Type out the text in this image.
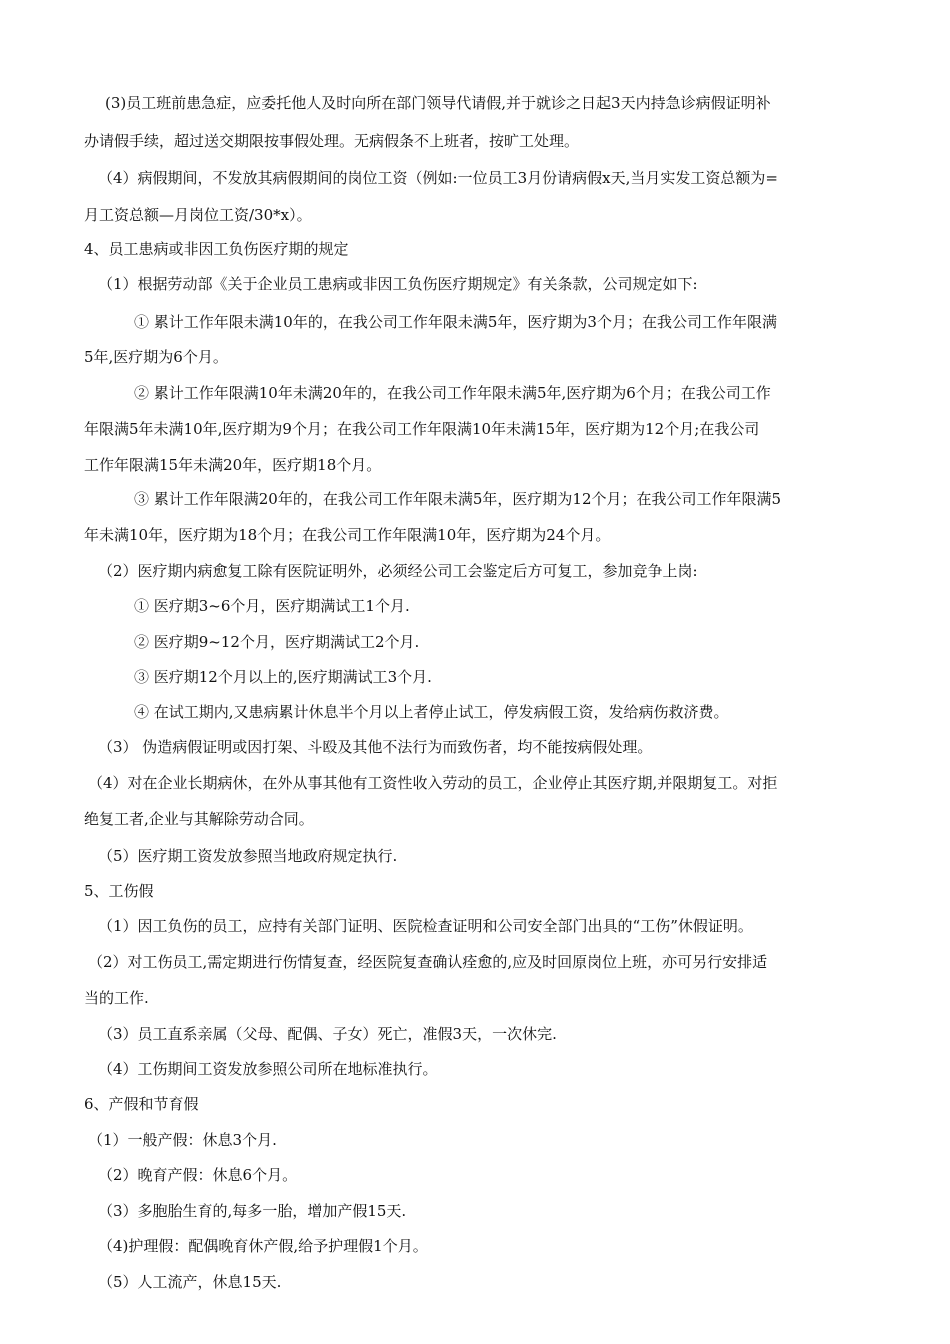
(3)员工班前患急症，应委托他人及时向所在部门领导代请假,并于就诊之日起3天内持急诊病假证明补
办请假手续，超过送交期限按事假处理。无病假条不上班者，按旷工处理。
（4）病假期间，不发放其病假期间的岗位工资（例如:一位员工3月份请病假x天,当月实发工资总额为=
月工资总额—月岗位工资/30*x）。
4、员工患病或非因工负伤医疗期的规定
（1）根据劳动部《关于企业员工患病或非因工负伤医疗期规定》有关条款，公司规定如下:
① 累计工作年限未满10年的，在我公司工作年限未满5年，医疗期为3个月；在我公司工作年限满
5年,医疗期为6个月。
② 累计工作年限满10年未满20年的，在我公司工作年限未满5年,医疗期为6个月；在我公司工作
年限满5年未满10年,医疗期为9个月；在我公司工作年限满10年未满15年，医疗期为12个月;在我公司
工作年限满15年未满20年，医疗期18个月。
③ 累计工作年限满20年的，在我公司工作年限未满5年，医疗期为12个月；在我公司工作年限满5
年未满10年，医疗期为18个月；在我公司工作年限满10年，医疗期为24个月。
（2）医疗期内病愈复工除有医院证明外，必须经公司工会鉴定后方可复工，参加竞争上岗:
① 医疗期3~6个月，医疗期满试工1个月.
② 医疗期9~12个月，医疗期满试工2个月.
③ 医疗期12个月以上的,医疗期满试工3个月.
④ 在试工期内,又患病累计休息半个月以上者停止试工，停发病假工资，发给病伤救济费。
（3） 伪造病假证明或因打架、斗殴及其他不法行为而致伤者，均不能按病假处理。
（4）对在企业长期病休，在外从事其他有工资性收入劳动的员工，企业停止其医疗期,并限期复工。对拒
绝复工者,企业与其解除劳动合同。
（5）医疗期工资发放参照当地政府规定执行.
5、工伤假
（1）因工负伤的员工，应持有关部门证明、医院检查证明和公司安全部门出具的“工伤”休假证明。
（2）对工伤员工,需定期进行伤情复查，经医院复查确认痊愈的,应及时回原岗位上班，亦可另行安排适
当的工作.
（3）员工直系亲属（父母、配偶、子女）死亡，准假3天，一次休完.
（4）工伤期间工资发放参照公司所在地标准执行。
6、产假和节育假
（1）一般产假：休息3个月.
（2）晚育产假：休息6个月。
（3）多胞胎生育的,每多一胎，增加产假15天.
（4)护理假：配偶晚育休产假,给予护理假1个月。
（5）人工流产，休息15天.
